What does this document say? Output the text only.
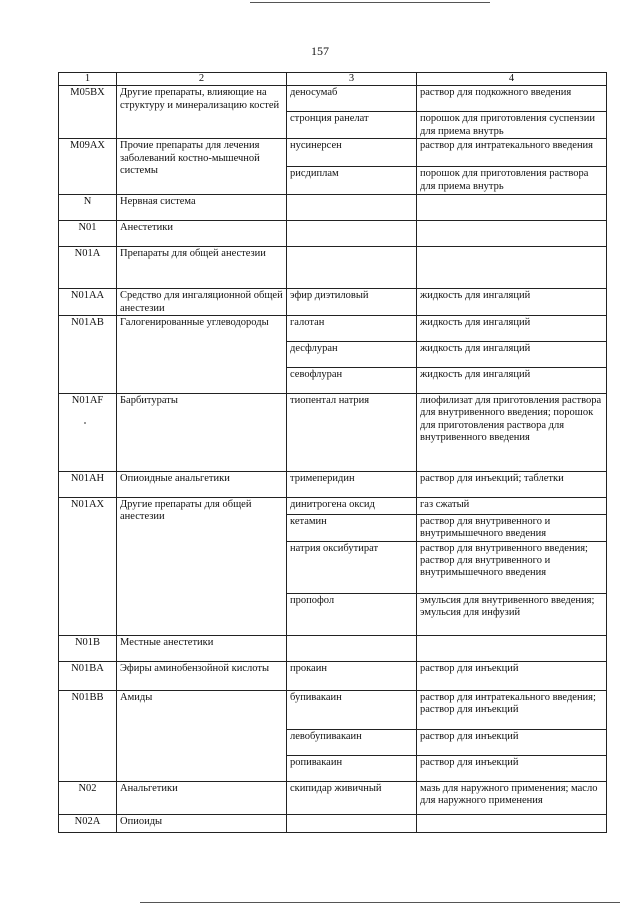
157
1	2	3	4
M05BX	Другие препараты, влияющие на структуру и минерализацию костей	деносумаб	раствор для подкожного введения
		стронция ранелат	порошок для приготовления суспензии для приема внутрь
M09AX	Прочие препараты для лечения заболеваний костно-мышечной системы	нусинерсен	раствор для интратекального введения
		рисдиплам	порошок для приготовления раствора для приема внутрь
N	Нервная система		
N01	Анестетики		
N01A	Препараты для общей анестезии		
N01AA	Средство для ингаляционной общей анестезии	эфир диэтиловый	жидкость для ингаляций
N01AB	Галогенированные углеводороды	галотан	жидкость для ингаляций
		десфлуран	жидкость для ингаляций
		севофлуран	жидкость для ингаляций
N01AF	Барбитураты	тиопентал натрия	лиофилизат для приготовления раствора для внутривенного введения; порошок для приготовления раствора для внутривенного введения
N01AH	Опиоидные анальгетики	тримеперидин	раствор для инъекций; таблетки
N01AX	Другие препараты для общей анестезии	динитрогена оксид	газ сжатый
		кетамин	раствор для внутривенного и внутримышечного введения
		натрия оксибутират	раствор для внутривенного введения; раствор для внутривенного и внутримышечного введения
		пропофол	эмульсия для внутривенного введения; эмульсия для инфузий
N01B	Местные анестетики		
N01BA	Эфиры аминобензойной кислоты	прокаин	раствор для инъекций
N01BB	Амиды	бупивакаин	раствор для интратекального введения; раствор для инъекций
		левобупивакаин	раствор для инъекций
		ропивакаин	раствор для инъекций
N02	Анальгетики	скипидар живичный	мазь для наружного применения; масло для наружного применения
N02A	Опиоиды		
